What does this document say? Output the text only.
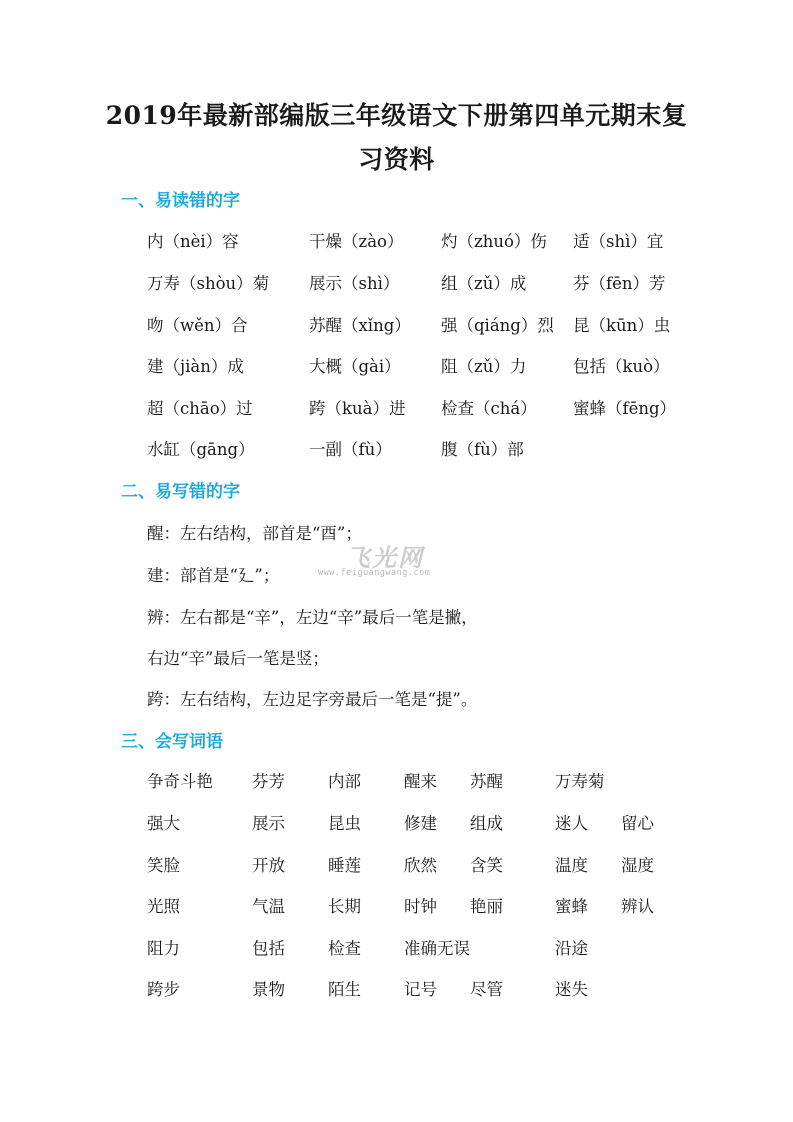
2019年最新部编版三年级语文下册第四单元期末复
习资料
一、易读错的字
内（nèi）容	干燥（zào） 灼（zhuó）伤 适（shì）宜
万寿（shòu）菊 展示（shì）	组（zǔ）成	芬（fēn）芳
吻（wěn）合	苏醒（xǐng） 强（qiáng）烈 昆（kūn）虫
建（jiàn）成	大概（gài） 阻（zǔ）力	包括（kuò）
超（chāo）过	跨（kuà）进 检查（chá） 蜜蜂（fēng）
水缸（gāng）	一副（fù）	腹（fù）部
二、易写错的字
醒：左右结构，部首是“酉”；
建：部首是“廴”；
辨：左右都是“辛”，左边“辛”最后一笔是撇，
右边“辛”最后一笔是竖；
跨：左右结构，左边足字旁最后一笔是“提”。
飞光网
www.feiguangwang.com
三、会写词语
争奇斗艳 芬芳	内部	醒来 苏醒	万寿菊
强大	展示	昆虫	修建 组成	迷人 留心
笑脸	开放	睡莲	欣然 含笑	温度 湿度
光照	气温	长期	时钟 艳丽	蜜蜂 辨认
阻力	包括	检查	准确无误	沿途
跨步	景物	陌生	记号 尽管	迷失
